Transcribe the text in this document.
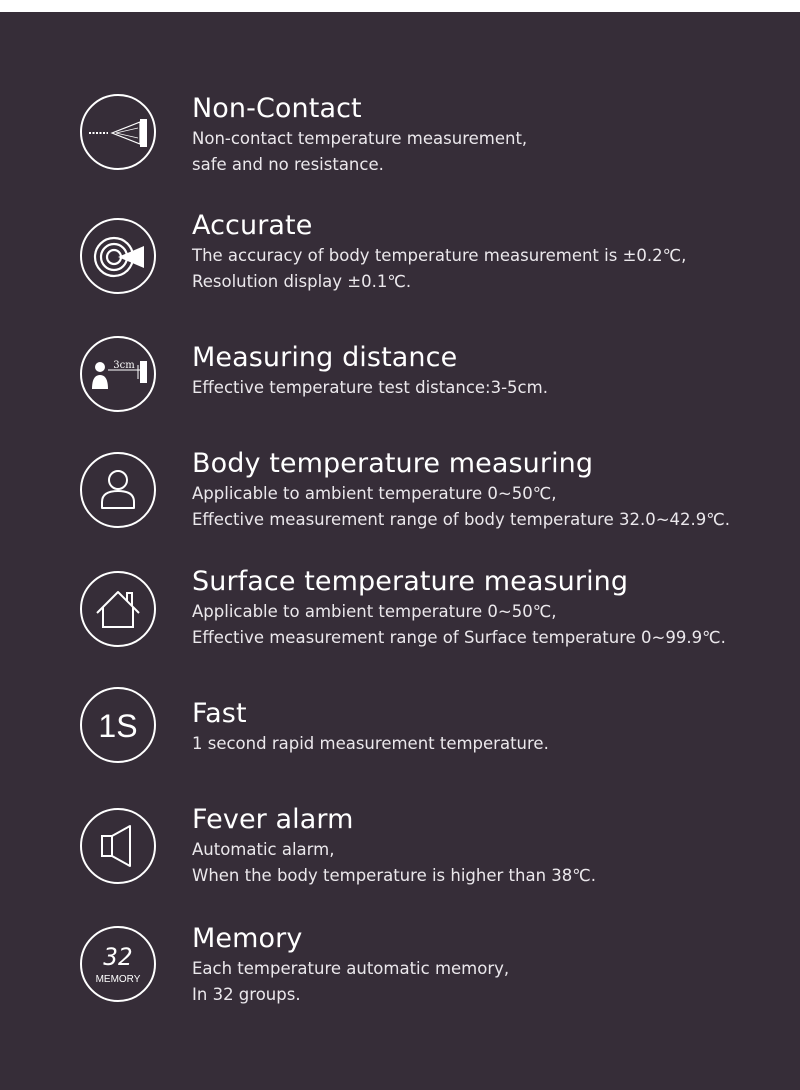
Non-Contact

Non-contact temperature measurement,
safe and no resistance.

Accurate

The accuracy of body temperature measurement is ±0.2℃,
Resolution display ±0.1℃.

3cm Measuring distance

Effective temperature test distance:3-5cm.

Body temperature measuring

Applicable to ambient temperature 0~50℃,
Effective measurement range of body temperature 32.0~42.9℃.

Surface temperature measuring

Applicable to ambient temperature 0~50℃,
Effective measurement range of Surface temperature 0~99.9℃.

1S Fast

1 second rapid measurement temperature.

Fever alarm

Automatic alarm,
When the body temperature is higher than 38℃.

32
MEMORY
Memory

Each temperature automatic memory,
In 32 groups.
